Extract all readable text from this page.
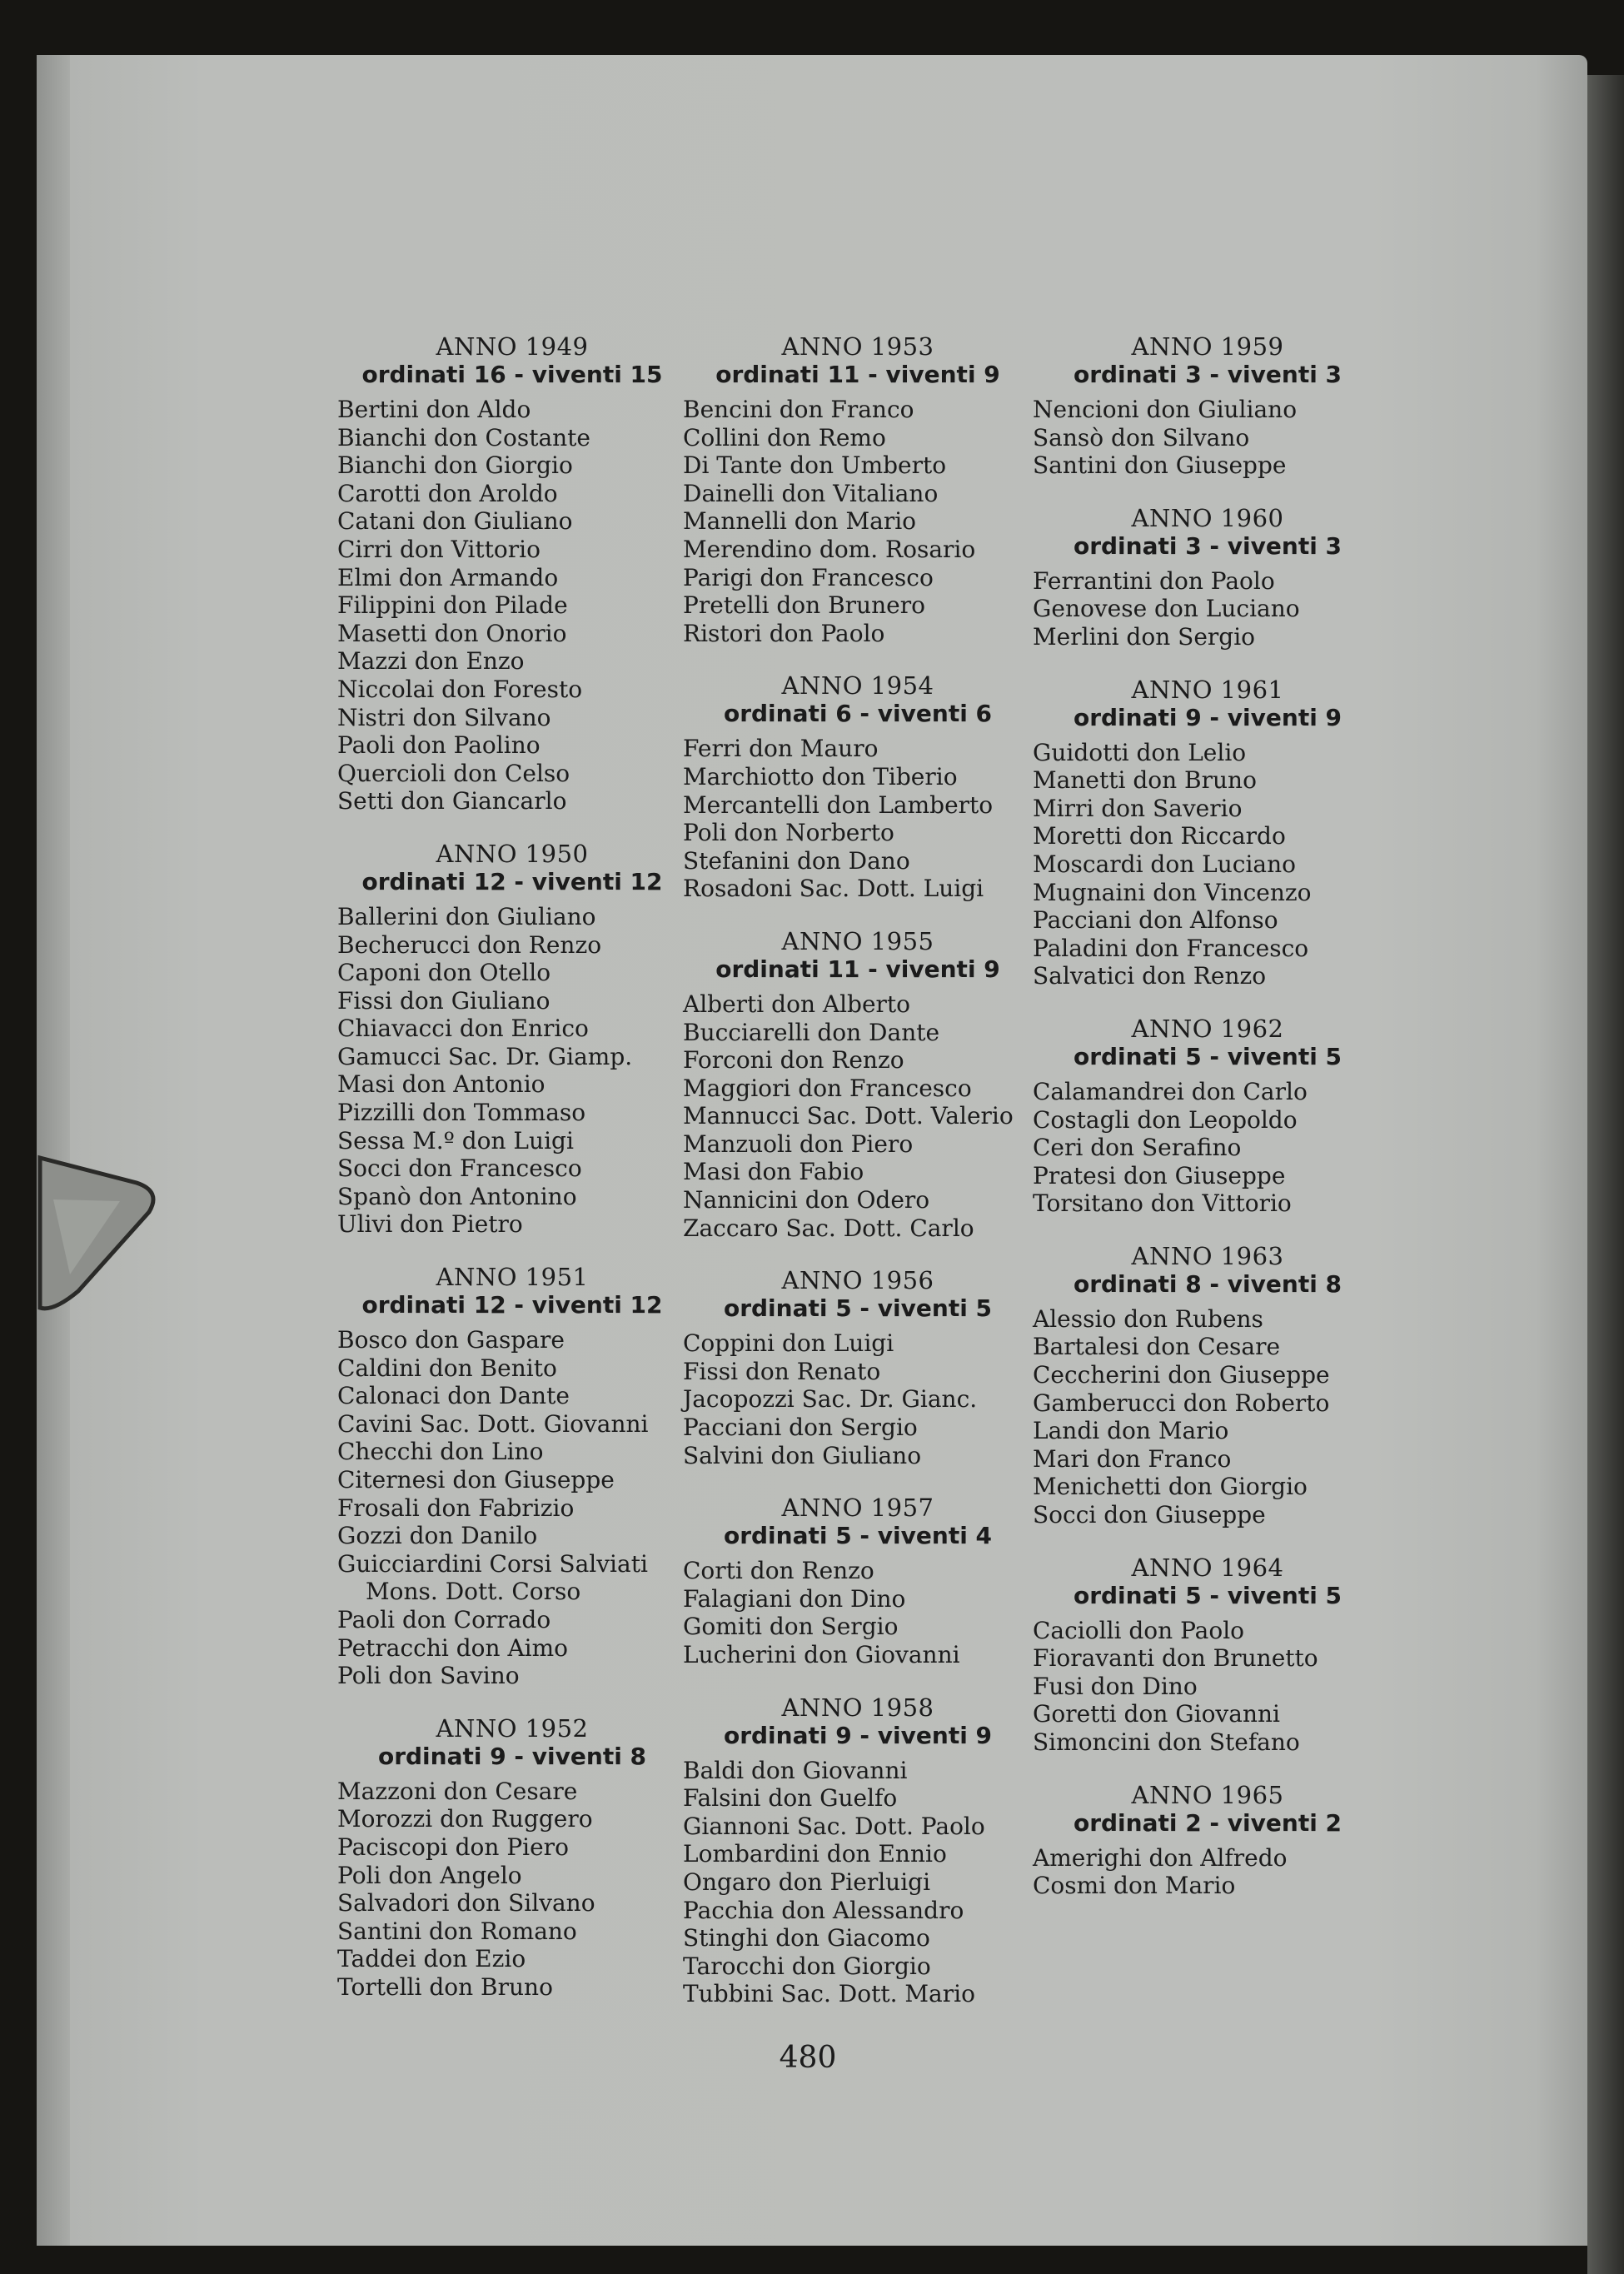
ANNO 1949
ordinati 16 - viventi 15
Bertini don Aldo
Bianchi don Costante
Bianchi don Giorgio
Carotti don Aroldo
Catani don Giuliano
Cirri don Vittorio
Elmi don Armando
Filippini don Pilade
Masetti don Onorio
Mazzi don Enzo
Niccolai don Foresto
Nistri don Silvano
Paoli don Paolino
Quercioli don Celso
Setti don Giancarlo
ANNO 1950
ordinati 12 - viventi 12
Ballerini don Giuliano
Becherucci don Renzo
Caponi don Otello
Fissi don Giuliano
Chiavacci don Enrico
Gamucci Sac. Dr. Giamp.
Masi don Antonio
Pizzilli don Tommaso
Sessa M.º don Luigi
Socci don Francesco
Spanò don Antonino
Ulivi don Pietro
ANNO 1951
ordinati 12 - viventi 12
Bosco don Gaspare
Caldini don Benito
Calonaci don Dante
Cavini Sac. Dott. Giovanni
Checchi don Lino
Citernesi don Giuseppe
Frosali don Fabrizio
Gozzi don Danilo
Guicciardini Corsi Salviati
Mons. Dott. Corso
Paoli don Corrado
Petracchi don Aimo
Poli don Savino
ANNO 1952
ordinati 9 - viventi 8
Mazzoni don Cesare
Morozzi don Ruggero
Paciscopi don Piero
Poli don Angelo
Salvadori don Silvano
Santini don Romano
Taddei don Ezio
Tortelli don Bruno
ANNO 1953
ordinati 11 - viventi 9
Bencini don Franco
Collini don Remo
Di Tante don Umberto
Dainelli don Vitaliano
Mannelli don Mario
Merendino dom. Rosario
Parigi don Francesco
Pretelli don Brunero
Ristori don Paolo
ANNO 1954
ordinati 6 - viventi 6
Ferri don Mauro
Marchiotto don Tiberio
Mercantelli don Lamberto
Poli don Norberto
Stefanini don Dano
Rosadoni Sac. Dott. Luigi
ANNO 1955
ordinati 11 - viventi 9
Alberti don Alberto
Bucciarelli don Dante
Forconi don Renzo
Maggiori don Francesco
Mannucci Sac. Dott. Valerio
Manzuoli don Piero
Masi don Fabio
Nannicini don Odero
Zaccaro Sac. Dott. Carlo
ANNO 1956
ordinati 5 - viventi 5
Coppini don Luigi
Fissi don Renato
Jacopozzi Sac. Dr. Gianc.
Pacciani don Sergio
Salvini don Giuliano
ANNO 1957
ordinati 5 - viventi 4
Corti don Renzo
Falagiani don Dino
Gomiti don Sergio
Lucherini don Giovanni
ANNO 1958
ordinati 9 - viventi 9
Baldi don Giovanni
Falsini don Guelfo
Giannoni Sac. Dott. Paolo
Lombardini don Ennio
Ongaro don Pierluigi
Pacchia don Alessandro
Stinghi don Giacomo
Tarocchi don Giorgio
Tubbini Sac. Dott. Mario
ANNO 1959
ordinati 3 - viventi 3
Nencioni don Giuliano
Sansò don Silvano
Santini don Giuseppe
ANNO 1960
ordinati 3 - viventi 3
Ferrantini don Paolo
Genovese don Luciano
Merlini don Sergio
ANNO 1961
ordinati 9 - viventi 9
Guidotti don Lelio
Manetti don Bruno
Mirri don Saverio
Moretti don Riccardo
Moscardi don Luciano
Mugnaini don Vincenzo
Pacciani don Alfonso
Paladini don Francesco
Salvatici don Renzo
ANNO 1962
ordinati 5 - viventi 5
Calamandrei don Carlo
Costagli don Leopoldo
Ceri don Serafino
Pratesi don Giuseppe
Torsitano don Vittorio
ANNO 1963
ordinati 8 - viventi 8
Alessio don Rubens
Bartalesi don Cesare
Ceccherini don Giuseppe
Gamberucci don Roberto
Landi don Mario
Mari don Franco
Menichetti don Giorgio
Socci don Giuseppe
ANNO 1964
ordinati 5 - viventi 5
Caciolli don Paolo
Fioravanti don Brunetto
Fusi don Dino
Goretti don Giovanni
Simoncini don Stefano
ANNO 1965
ordinati 2 - viventi 2
Amerighi don Alfredo
Cosmi don Mario
480
